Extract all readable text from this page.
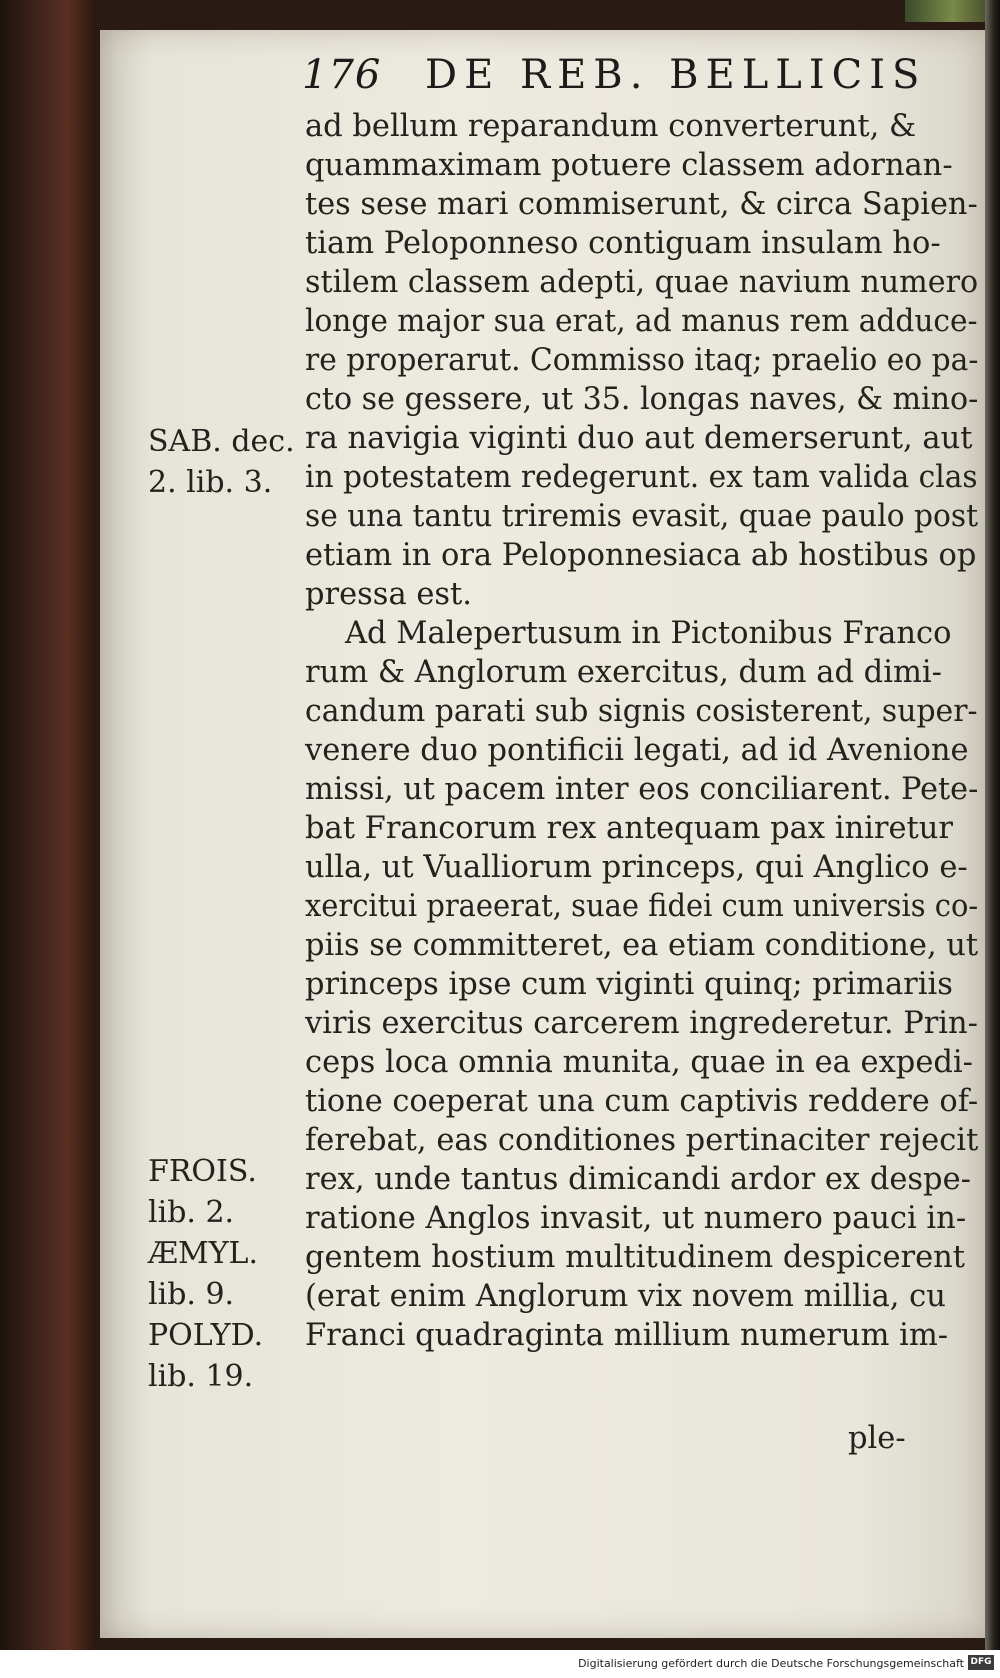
176 DE REB. BELLICIS
ad bellum reparandum converterunt, &
quammaximam potuere classem adornan-
tes sese mari commiserunt, & circa Sapien-
tiam Peloponneso contiguam insulam ho-
stilem classem adepti, quae navium numero
longe major sua erat, ad manus rem adduce-
re properarut. Commisso itaq; praelio eo pa-
cto se gessere, ut 35. longas naves, & mino-
ra navigia viginti duo aut demerserunt, aut
in potestatem redegerunt. ex tam valida clas
se una tantu triremis evasit, quae paulo post
etiam in ora Peloponnesiaca ab hostibus op
pressa est.
Ad Malepertusum in Pictonibus Franco
rum & Anglorum exercitus, dum ad dimi-
candum parati sub signis cosisterent, super-
venere duo pontificii legati, ad id Avenione
missi, ut pacem inter eos conciliarent. Pete-
bat Francorum rex antequam pax iniretur
ulla, ut Vualliorum princeps, qui Anglico e-
xercitui praeerat, suae fidei cum universis co-
piis se committeret, ea etiam conditione, ut
princeps ipse cum viginti quinq; primariis
viris exercitus carcerem ingrederetur. Prin-
ceps loca omnia munita, quae in ea expedi-
tione coeperat una cum captivis reddere of-
ferebat, eas conditiones pertinaciter rejecit
rex, unde tantus dimicandi ardor ex despe-
ratione Anglos invasit, ut numero pauci in-
gentem hostium multitudinem despicerent
(erat enim Anglorum vix novem millia, cu
Franci quadraginta millium numerum im-
ple-
SAB. dec.
2. lib. 3.
FROIS.
lib. 2.
ÆMYL.
lib. 9.
POLYD.
lib. 19.
Digitalisierung gefördert durch die Deutsche Forschungsgemeinschaft DFG
